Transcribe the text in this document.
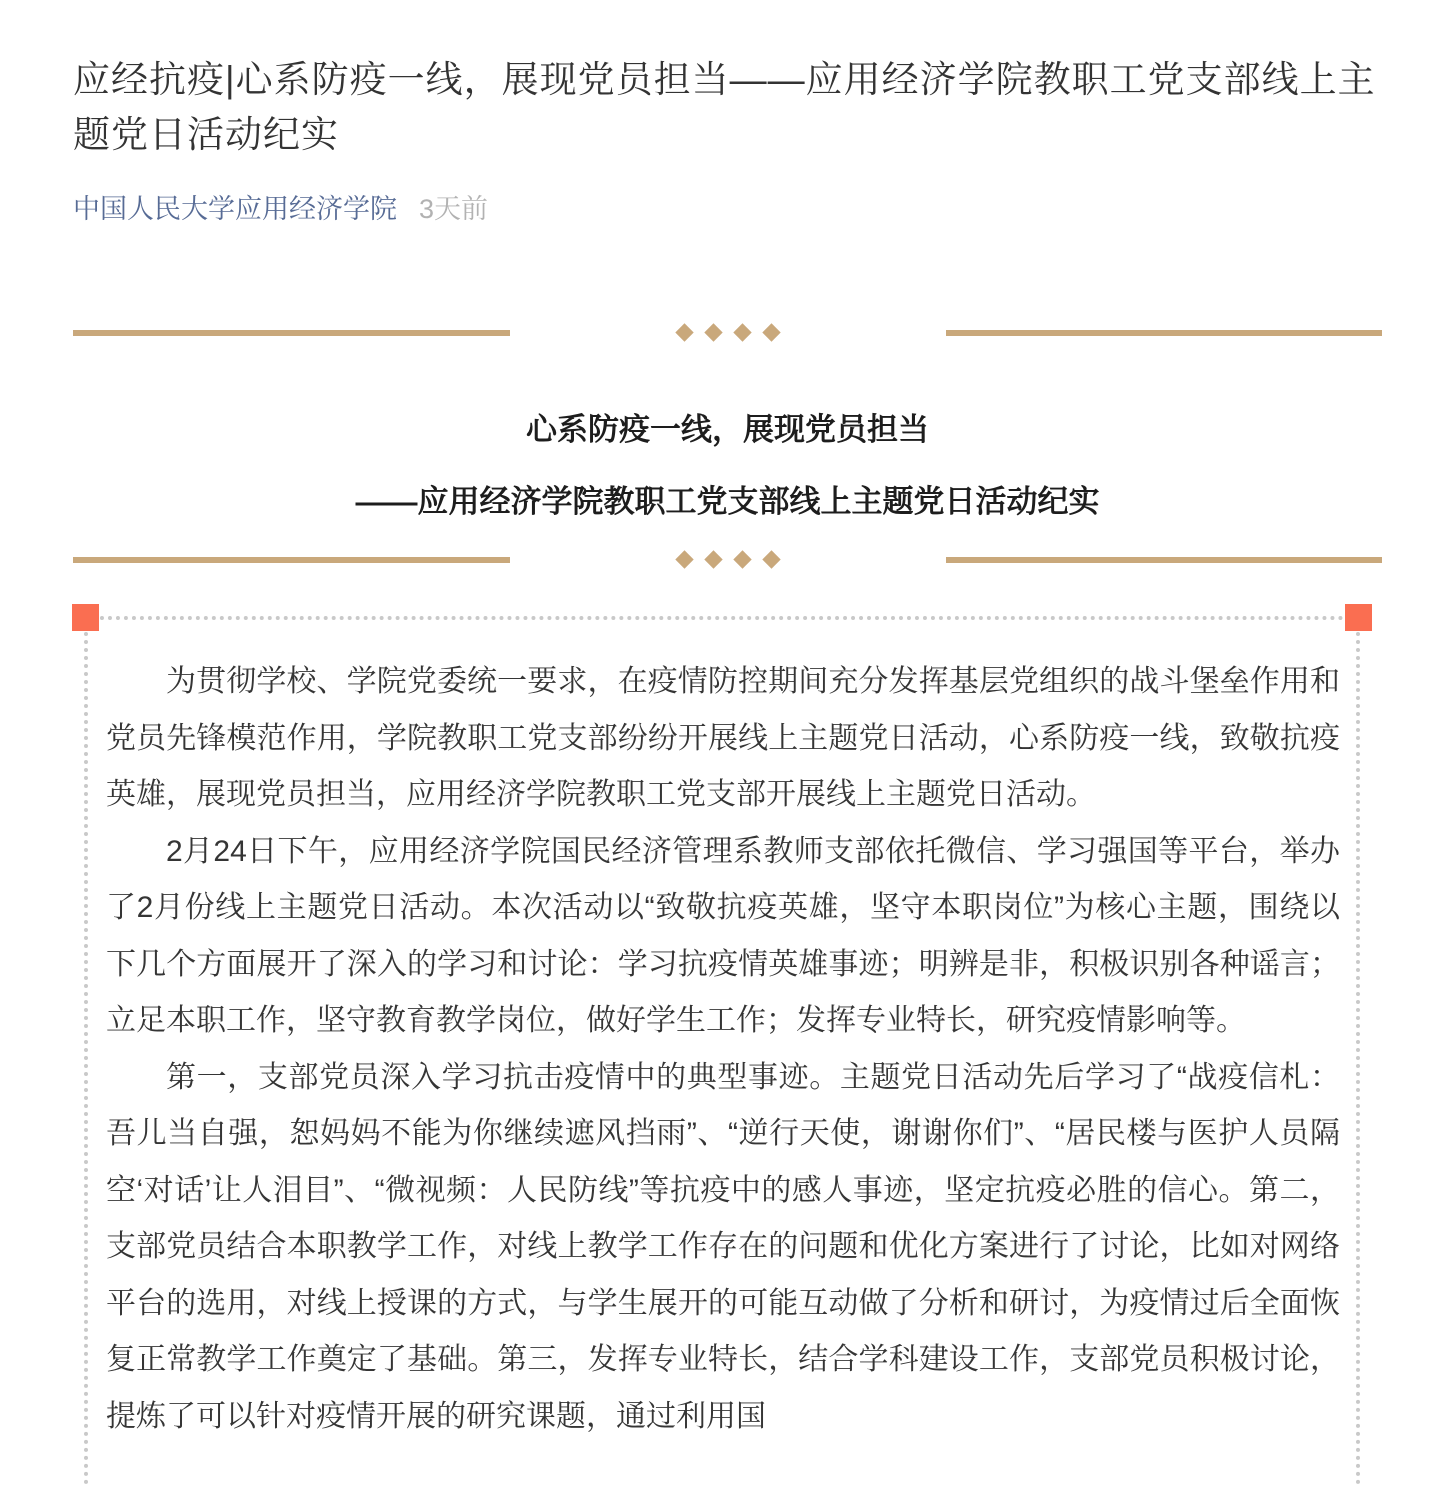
应经抗疫|心系防疫一线，展现党员担当——应用经济学院教职工党支部线上主题党日活动纪实
中国人民大学应用经济学院 3天前
心系防疫一线，展现党员担当
——应用经济学院教职工党支部线上主题党日活动纪实

为贯彻学校、学院党委统一要求，在疫情防控期间充分发挥基层党组织的战斗堡垒作用和党员先锋模范作用，学院教职工党支部纷纷开展线上主题党日活动，心系防疫一线，致敬抗疫英雄，展现党员担当，应用经济学院教职工党支部开展线上主题党日活动。

2月24日下午，应用经济学院国民经济管理系教师支部依托微信、学习强国等平台，举办了2月份线上主题党日活动。本次活动以“致敬抗疫英雄，坚守本职岗位”为核心主题，围绕以下几个方面展开了深入的学习和讨论：学习抗疫情英雄事迹；明辨是非，积极识别各种谣言；立足本职工作，坚守教育教学岗位，做好学生工作；发挥专业特长，研究疫情影响等。

第一，支部党员深入学习抗击疫情中的典型事迹。主题党日活动先后学习了“战疫信札：吾儿当自强，恕妈妈不能为你继续遮风挡雨”、“逆行天使，谢谢你们”、“居民楼与医护人员隔空‘对话’让人泪目”、“微视频：人民防线”等抗疫中的感人事迹，坚定抗疫必胜的信心。第二，支部党员结合本职教学工作，对线上教学工作存在的问题和优化方案进行了讨论，比如对网络平台的选用，对线上授课的方式，与学生展开的可能互动做了分析和研讨，为疫情过后全面恢复正常教学工作奠定了基础。第三，发挥专业特长，结合学科建设工作，支部党员积极讨论，提炼了可以针对疫情开展的研究课题，通过利用国
